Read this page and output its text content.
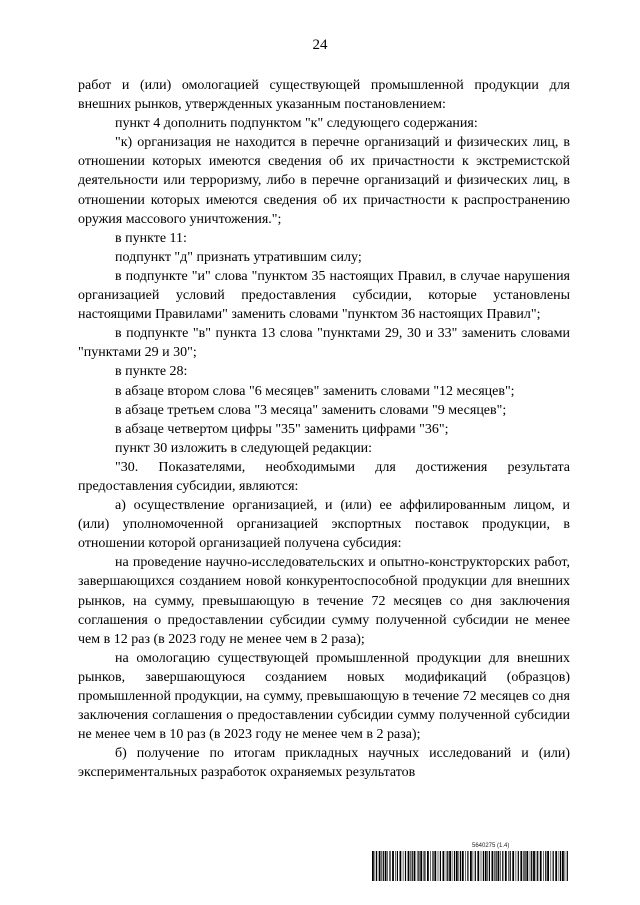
24

работ и (или) омологацией существующей промышленной продукции для внешних рынков, утвержденных указанным постановлением:

пункт 4 дополнить подпунктом "к" следующего содержания:

"к) организация не находится в перечне организаций и физических лиц, в отношении которых имеются сведения об их причастности к экстремистской деятельности или терроризму, либо в перечне организаций и физических лиц, в отношении которых имеются сведения об их причастности к распространению оружия массового уничтожения.";

в пункте 11:

подпункт "д" признать утратившим силу;

в подпункте "и" слова "пунктом 35 настоящих Правил, в случае нарушения организацией условий предоставления субсидии, которые установлены настоящими Правилами" заменить словами "пунктом 36 настоящих Правил";

в подпункте "в" пункта 13 слова "пунктами 29, 30 и 33" заменить словами "пунктами 29 и 30";

в пункте 28:

в абзаце втором слова "6 месяцев" заменить словами "12 месяцев";

в абзаце третьем слова "3 месяца" заменить словами "9 месяцев";

в абзаце четвертом цифры "35" заменить цифрами "36";

пункт 30 изложить в следующей редакции:

"30. Показателями, необходимыми для достижения результата предоставления субсидии, являются:

а) осуществление организацией, и (или) ее аффилированным лицом, и (или) уполномоченной организацией экспортных поставок продукции, в отношении которой организацией получена субсидия:

на проведение научно-исследовательских и опытно-конструкторских работ, завершающихся созданием новой конкурентоспособной продукции для внешних рынков, на сумму, превышающую в течение 72 месяцев со дня заключения соглашения о предоставлении субсидии сумму полученной субсидии не менее чем в 12 раз (в 2023 году не менее чем в 2 раза);

на омологацию существующей промышленной продукции для внешних рынков, завершающуюся созданием новых модификаций (образцов) промышленной продукции, на сумму, превышающую в течение 72 месяцев со дня заключения соглашения о предоставлении субсидии сумму полученной субсидии не менее чем в 10 раз (в 2023 году не менее чем в 2 раза);

б) получение по итогам прикладных научных исследований и (или) экспериментальных разработок охраняемых результатов

5640275 (1.4)
